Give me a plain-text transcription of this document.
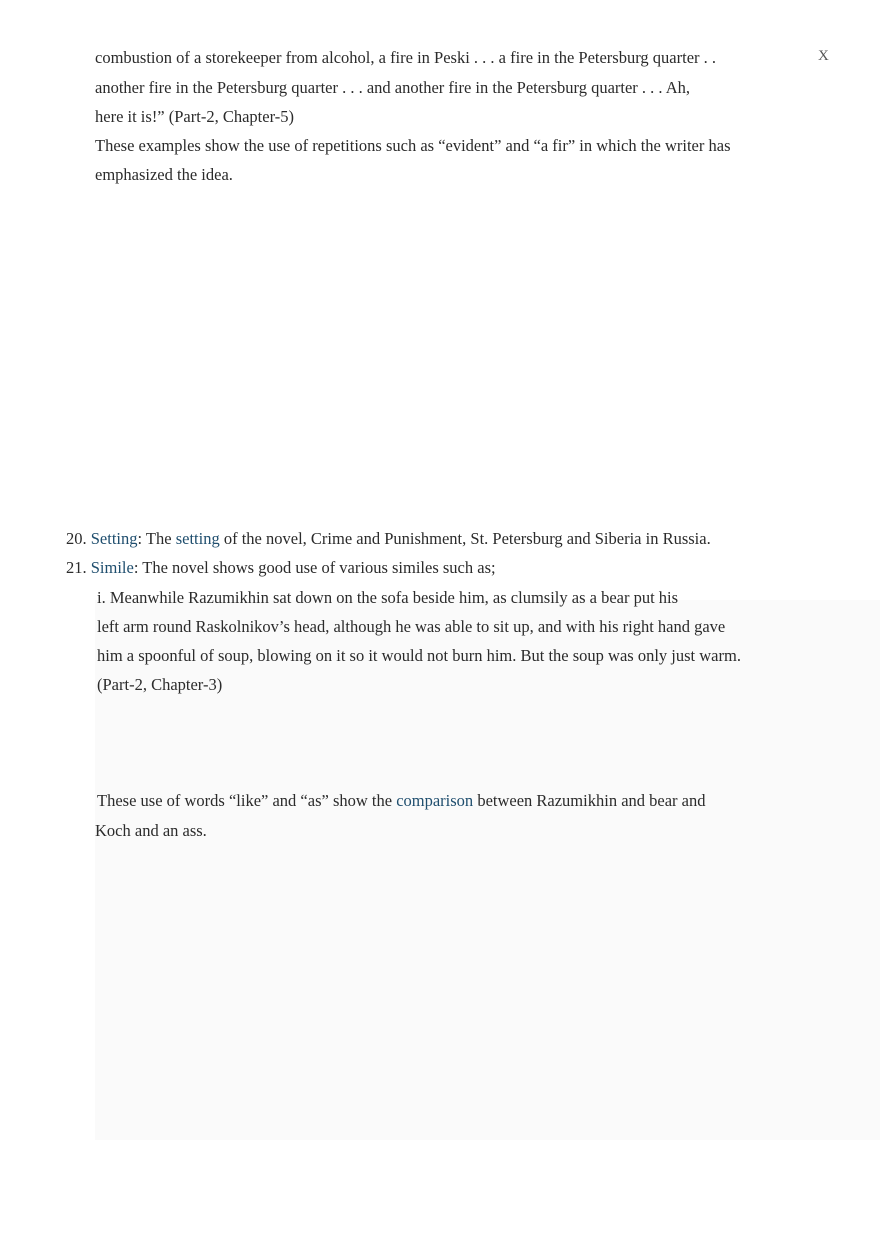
X
combustion of a storekeeper from alcohol, a fire in Peski . . . a fire in the Petersburg quarter . .
another fire in the Petersburg quarter . . . and another fire in the Petersburg quarter . . . Ah,
here it is!” (Part-2, Chapter-5)
These examples show the use of repetitions such as “evident” and “a fir” in which the writer has
emphasized the idea.
20. Setting: The setting of the novel, Crime and Punishment, St. Petersburg and Siberia in Russia.
21. Simile: The novel shows good use of various similes such as;
i. Meanwhile Razumikhin sat down on the sofa beside him, as clumsily as a bear put his
left arm round Raskolnikov’s head, although he was able to sit up, and with his right hand gave
him a spoonful of soup, blowing on it so it would not burn him. But the soup was only just warm.
(Part-2, Chapter-3)
These use of words “like” and “as” show the comparison between Razumikhin and bear and
Koch and an ass.
